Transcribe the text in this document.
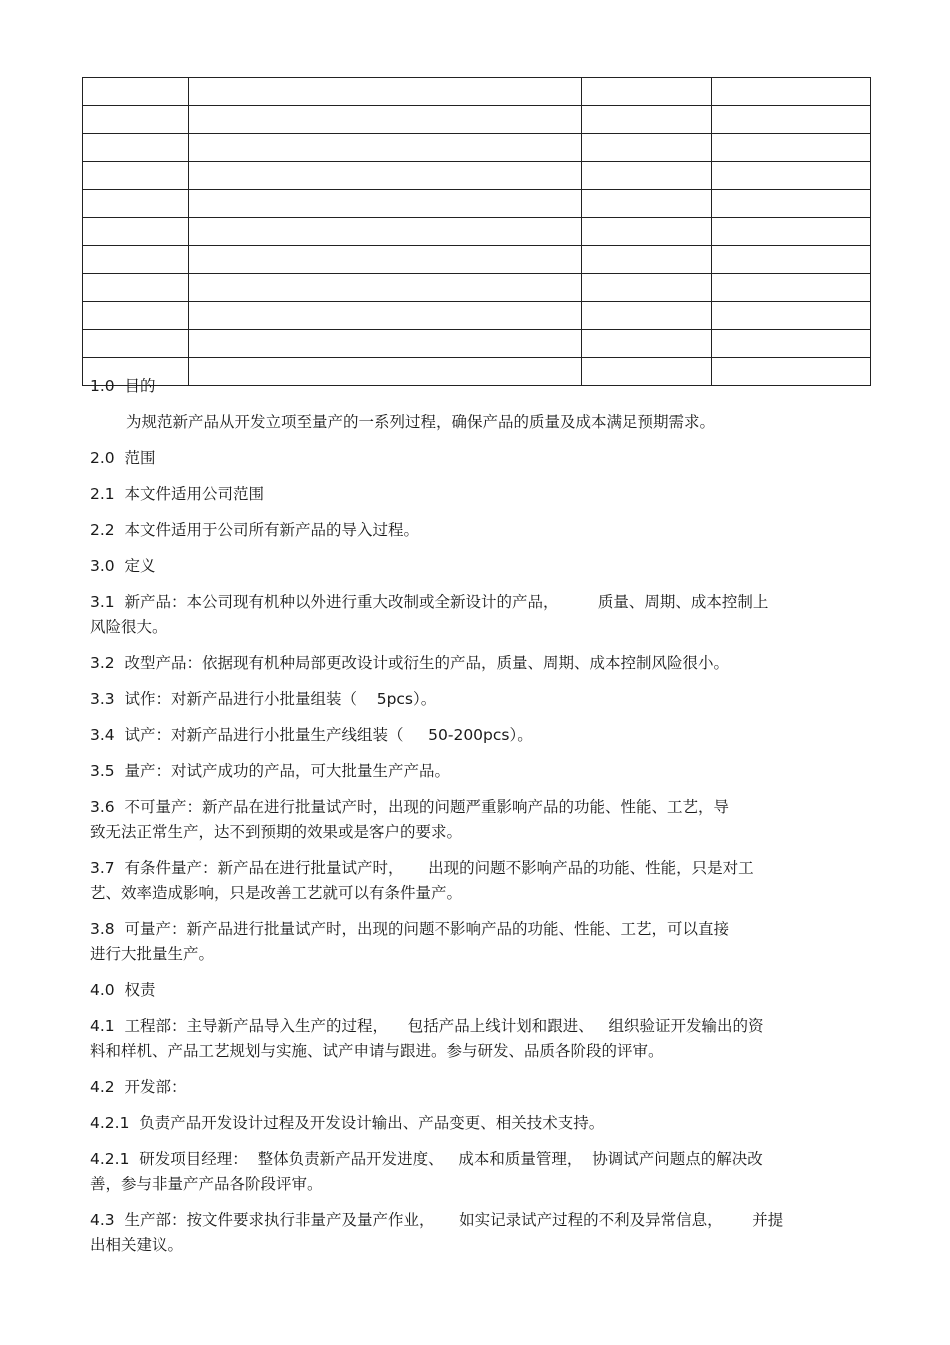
1.0  目的
为规范新产品从开发立项至量产的一系列过程，确保产品的质量及成本满足预期需求。
2.0  范围
2.1  本文件适用公司范围
2.2  本文件适用于公司所有新产品的导入过程。
3.0  定义
3.1  新产品：本公司现有机种以外进行重大改制或全新设计的产品，        质量、周期、成本控制上
风险很大。
3.2  改型产品：依据现有机种局部更改设计或衍生的产品，质量、周期、成本控制风险很小。
3.3  试作：对新产品进行小批量组装（    5pcs）。
3.4  试产：对新产品进行小批量生产线组装（     50-200pcs）。
3.5  量产：对试产成功的产品，可大批量生产产品。
3.6  不可量产：新产品在进行批量试产时，出现的问题严重影响产品的功能、性能、工艺，导
致无法正常生产，达不到预期的效果或是客户的要求。
3.7  有条件量产：新产品在进行批量试产时，     出现的问题不影响产品的功能、性能，只是对工
艺、效率造成影响，只是改善工艺就可以有条件量产。
3.8  可量产：新产品进行批量试产时，出现的问题不影响产品的功能、性能、工艺，可以直接
进行大批量生产。
4.0  权责
4.1  工程部：主导新产品导入生产的过程，    包括产品上线计划和跟进、   组织验证开发输出的资
料和样机、产品工艺规划与实施、试产申请与跟进。参与研发、品质各阶段的评审。
4.2  开发部：
4.2.1  负责产品开发设计过程及开发设计输出、产品变更、相关技术支持。
4.2.1  研发项目经理：  整体负责新产品开发进度、   成本和质量管理，  协调试产问题点的解决改
善，参与非量产产品各阶段评审。
4.3  生产部：按文件要求执行非量产及量产作业，     如实记录试产过程的不利及异常信息，      并提
出相关建议。
